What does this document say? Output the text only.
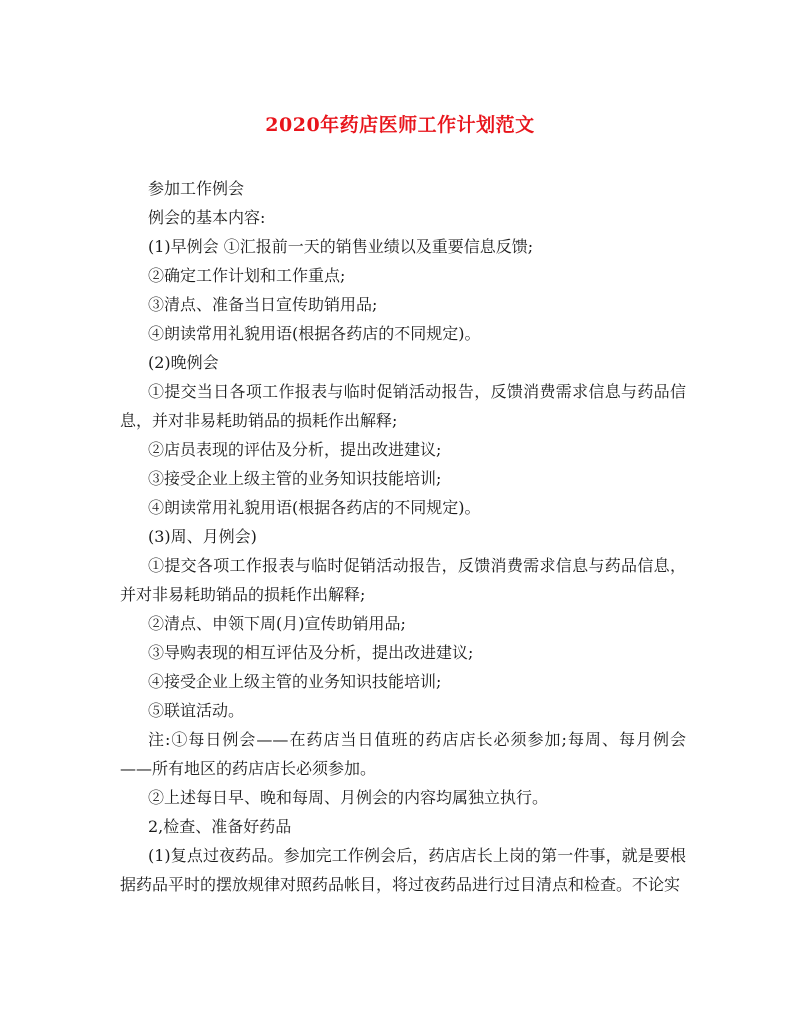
2020年药店医师工作计划范文

参加工作例会

例会的基本内容:

(1)早例会 ①汇报前一天的销售业绩以及重要信息反馈;

②确定工作计划和工作重点;

③清点、准备当日宣传助销用品;

④朗读常用礼貌用语(根据各药店的不同规定)。

(2)晚例会

①提交当日各项工作报表与临时促销活动报告，反馈消费需求信息与药品信息，并对非易耗助销品的损耗作出解释;

②店员表现的评估及分析，提出改进建议;

③接受企业上级主管的业务知识技能培训;

④朗读常用礼貌用语(根据各药店的不同规定)。

(3)周、月例会)

①提交各项工作报表与临时促销活动报告，反馈消费需求信息与药品信息，并对非易耗助销品的损耗作出解释;

②清点、申领下周(月)宣传助销用品;

③导购表现的相互评估及分析，提出改进建议;

④接受企业上级主管的业务知识技能培训;

⑤联谊活动。

注:①每日例会——在药店当日值班的药店店长必须参加;每周、每月例会——所有地区的药店店长必须参加。

②上述每日早、晚和每周、月例会的内容均属独立执行。

2,检查、准备好药品

(1)复点过夜药品。参加完工作例会后，药店店长上岗的第一件事，就是要根据药品平时的摆放规律对照药品帐目，将过夜药品进行过目清点和检查。不论实
